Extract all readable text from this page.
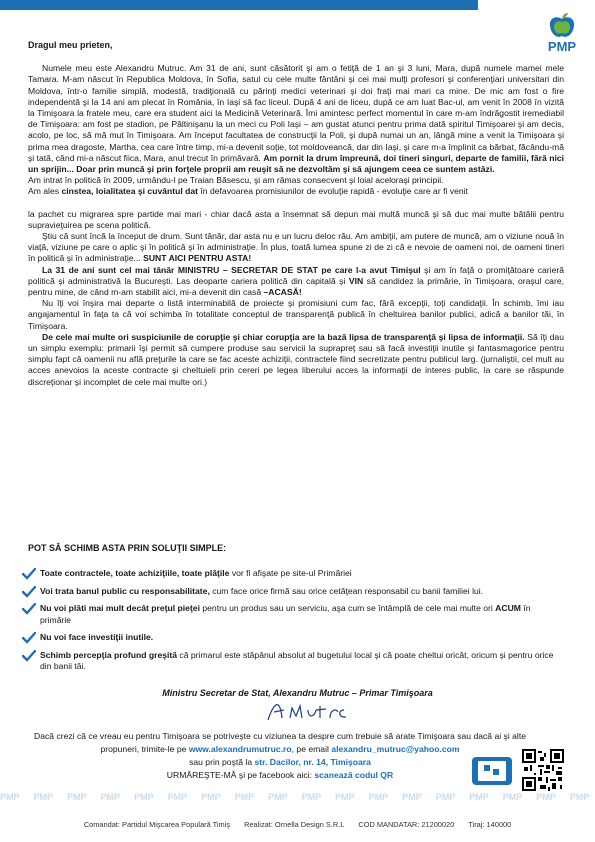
PMP
Dragul meu prieten,

Numele meu este Alexandru Mutruc. Am 31 de ani, sunt căsătorit şi am o fetiţă de 1 an şi 3 luni, Mara, după numele mamei mele Tamara. M-am născut în Republica Moldova, în Sofia, satul cu cele multe fântâni şi cei mai mulţi profesori şi conferenţiari universitari din Moldova, într-o familie simplă, modestă, tradiţională cu părinţi medici veterinari şi doi fraţi mai mari ca mine. De mic am fost o fire independentă şi la 14 ani am plecat în România, în Iaşi să fac liceul. După 4 ani de liceu, după ce am luat Bac-ul, am venit în 2008 în vizită la Timişoara la fratele meu, care era student aici la Medicină Veterinară. Îmi amintesc perfect momentul în care m-am îndrăgostit iremediabil de Timişoara: am fost pe stadion, pe Păltinişanu la un meci cu Poli Iaşi – am gustat atunci pentru prima dată spiritul Timişoarei şi am decis, acolo, pe loc, să mă mut în Timişoara. Am început facultatea de construcţii la Poli, şi după numai un an, lângă mine a venit la Timişoara şi prima mea dragoste, Martha, cea care între timp, mi-a devenit soţie, tot moldoveancă, dar din Iaşi, şi care m-a împlinit ca bărbat, făcându-mă şi tată, când mi-a născut fiica, Mara, anul trecut în primăvară. Am pornit la drum împreună, doi tineri singuri, departe de familii, fără nici un sprijin... Doar prin muncă şi prin forţele proprii am reuşit să ne dezvoltăm şi să ajungem ceea ce suntem astăzi.

Am intrat în politică în 2009, urmându-l pe Traian Băsescu, şi am rămas consecvent şi loial aceloraşi principii.

Am ales cinstea, loialitatea şi cuvântul dat în defavoarea promisiunilor de evoluţie rapidă - evoluţie care ar fi venit

la pachet cu migrarea spre partide mai mari - chiar dacă asta a însemnat să depun mai multă muncă şi să duc mai multe bătălii pentru supravieţuirea pe scena politică.

Ştiu că sunt încă la început de drum. Sunt tânăr, dar asta nu e un lucru deloc rău. Am ambiţii, am putere de muncă, am o viziune nouă în viaţă, viziune pe care o aplic şi în politică şi în administraţie. În plus, toată lumea spune zi de zi că e nevoie de oameni noi, de oameni tineri în politică şi în administraţie... SUNT AICI PENTRU ASTA!

La 31 de ani sunt cel mai tânăr MINISTRU – SECRETAR DE STAT pe care l-a avut Timişul şi am în faţă o promiţătoare carieră politică şi administrativă la Bucureşti. Las deoparte cariera politică din capitală şi VIN să candidez la primărie, în Timişoara, oraşul care, pentru mine, de când m-am stabilit aici, mi-a devenit din casă –ACASĂ!

Nu îţi voi înşira mai departe o listă interminabilă de proiecte şi promisiuni cum fac, fără excepţii, toţi candidaţii. În schimb, îmi iau angajamentul în faţa ta că voi schimba în totalitate conceptul de transparenţă publică în cheltuirea banilor publici, adică a banilor tăi, în Timişoara.

De cele mai multe ori suspiciunile de corupţie şi chiar corupţia are la bază lipsa de transparenţă şi lipsa de informaţii. Să îţi dau un simplu exemplu: primarii îşi permit să cumpere produse sau servicii la suprapreţ sau să facă investiţii inutile şi fantasmagorice pentru simplu fapt că oamenii nu află preţurile la care se fac aceste achiziţii, contractele fiind secretizate pentru publicul larg. (jurnaliştii, cel mult au acces anevoios la aceste contracte şi cheltuieli prin cereri pe legea liberului acces la informaţii de interes public, la care se răspunde discreţionar şi incomplet de cele mai multe ori.)

POT SĂ SCHIMB ASTA PRIN SOLUŢII SIMPLE:
Toate contractele, toate achiziţiile, toate plăţile vor fi afişate pe site-ul Primăriei
Voi trata banul public cu responsabilitate, cum face orice firmă sau orice cetăţean responsabil cu banii familiei lui.
Nu voi plăti mai mult decât preţul pieţei pentru un produs sau un serviciu, aşa cum se întâmplă de cele mai multe ori ACUM în primărie
Nu voi face investiţii inutile.
Schimb percepţia profund greşită că primarul este stăpânul absolut al bugetului local şi că poate cheltui oricât, oricum şi pentru orice din banii tăi.
Ministru Secretar de Stat, Alexandru Mutruc – Primar Timişoara
Dacă crezi că ce vreau eu pentru Timişoara se potriveşte cu viziunea ta despre cum trebuie să arate Timişoara sau dacă ai şi alte
propuneri, trimite-le pe www.alexandrumutruc.ro, pe email alexandru_mutruc@yahoo.com
sau prin poştă la str. Dacilor, nr. 14, Timişoara
URMĂREŞTE-MĂ şi pe facebook aici: scanează codul QR
PMP PMP PMP PMP PMP PMP PMP PMP PMP PMP PMP PMP PMP PMP PMP PMP PMP PMP
Comandat: Partidul Mişcarea Populară Timiş Realizat: Ornella Design S.R.L COD MANDATAR: 21200020 Tiraj: 140000
